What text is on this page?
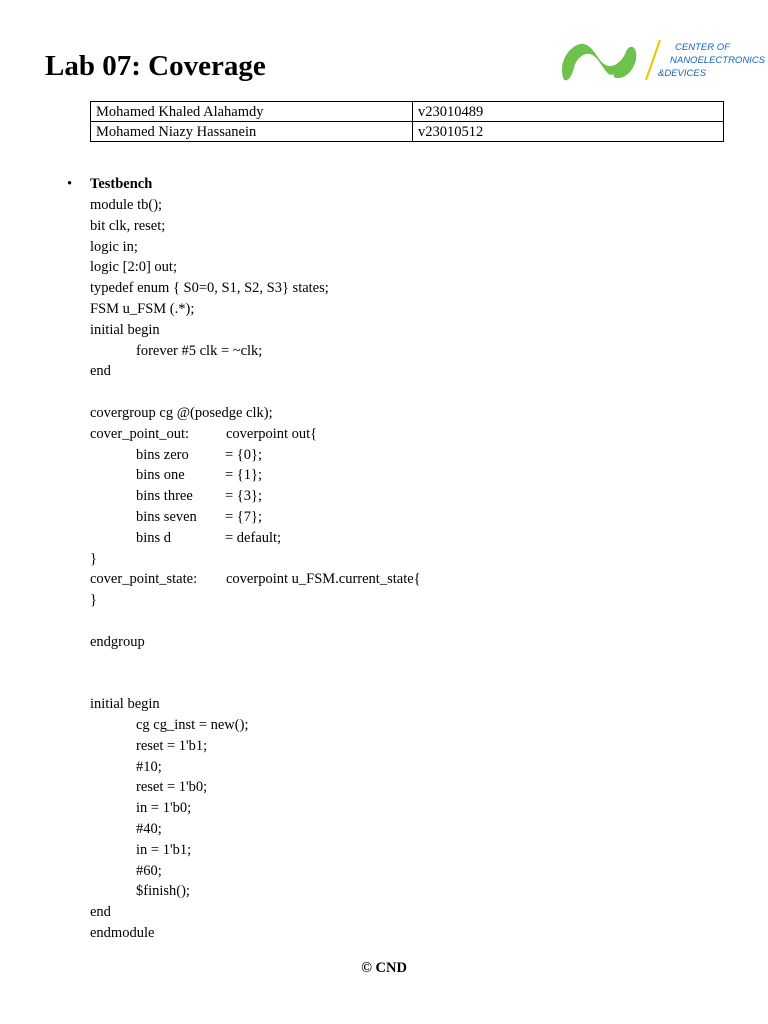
Lab 07: Coverage
CENTER OF
NANOELECTRONICS
&DEVICES
Mohamed Khaled Alahamdy	v23010489
Mohamed Niazy Hassanein	v23010512
• Testbench
module tb();
bit clk, reset;
logic in;
logic [2:0] out;
typedef enum { S0=0, S1, S2, S3} states;
FSM u_FSM (.*);
initial begin
forever #5 clk = ~clk;
end
covergroup cg @(posedge clk);
cover_point_out:	coverpoint out{
bins zero	= {0};
bins one	= {1};
bins three = {3};
bins seven = {7};
bins d	= default;
}
cover_point_state: coverpoint u_FSM.current_state{
}
endgroup
initial begin
cg cg_inst = new();
reset = 1'b1;
#10;
reset = 1'b0;
in = 1'b0;
#40;
in = 1'b1;
#60;
$finish();
end
endmodule
© CND
